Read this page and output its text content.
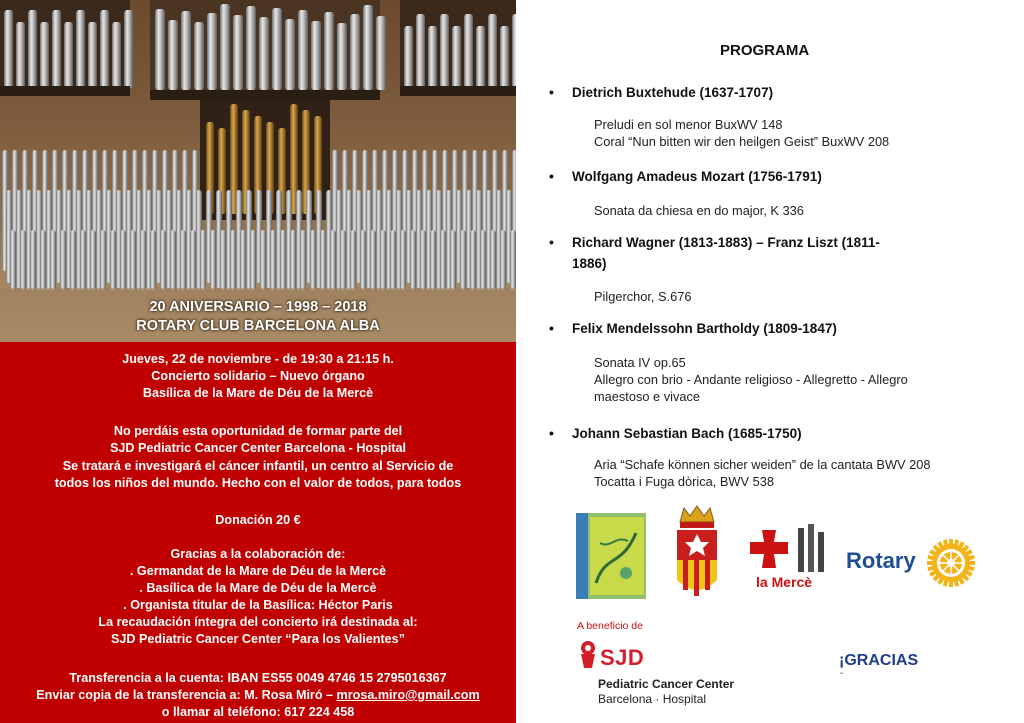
20 ANIVERSARIO – 1998 – 2018
ROTARY CLUB BARCELONA ALBA

Jueves, 22 de noviembre - de 19:30 a 21:15 h.

Concierto solidario – Nuevo órgano

Basílica de la Mare de Déu de la Mercè

No perdáis esta oportunidad de formar parte del

SJD Pediatric Cancer Center Barcelona - Hospital

Se tratará e investigará el cáncer infantil, un centro al Servicio de

todos los niños del mundo. Hecho con el valor de todos, para todos

Donación 20 €

Gracias a la colaboración de:

. Germandat de la Mare de Déu de la Mercè

. Basílica de la Mare de Déu de la Mercè

. Organista titular de la Basílica: Héctor Paris

La recaudación íntegra del concierto irá destinada al:

SJD Pediatric Cancer Center “Para los Valientes”

Transferencia a la cuenta: IBAN ES55 0049 4746 15 2795016367

Enviar copia de la transferencia a: M. Rosa Miró – mrosa.miro@gmail.com

o llamar al teléfono: 617 224 458

PROGRAMA
• Dietrich Buxtehude (1637-1707)
Preludi en sol menor BuxWV 148
Coral “Nun bitten wir den heilgen Geist” BuxWV 208
• Wolfgang Amadeus Mozart (1756-1791)
Sonata da chiesa en do major, K 336
• Richard Wagner (1813-1883) – Franz Liszt (1811-
1886)
Pilgerchor, S.676
• Felix Mendelssohn Bartholdy (1809-1847)
Sonata IV op.65
Allegro con brio - Andante religioso - Allegretto - Allegro
maestoso e vivace
• Johann Sebastian Bach (1685-1750)
Aria “Schafe können sicher weiden” de la cantata BWV 208
Tocatta i Fuga dòrica, BWV 538
la Mercè
Rotary
A beneficio de
SJD
Pediatric Cancer Center
Barcelona · Hospital
¡GRACIAS
-
